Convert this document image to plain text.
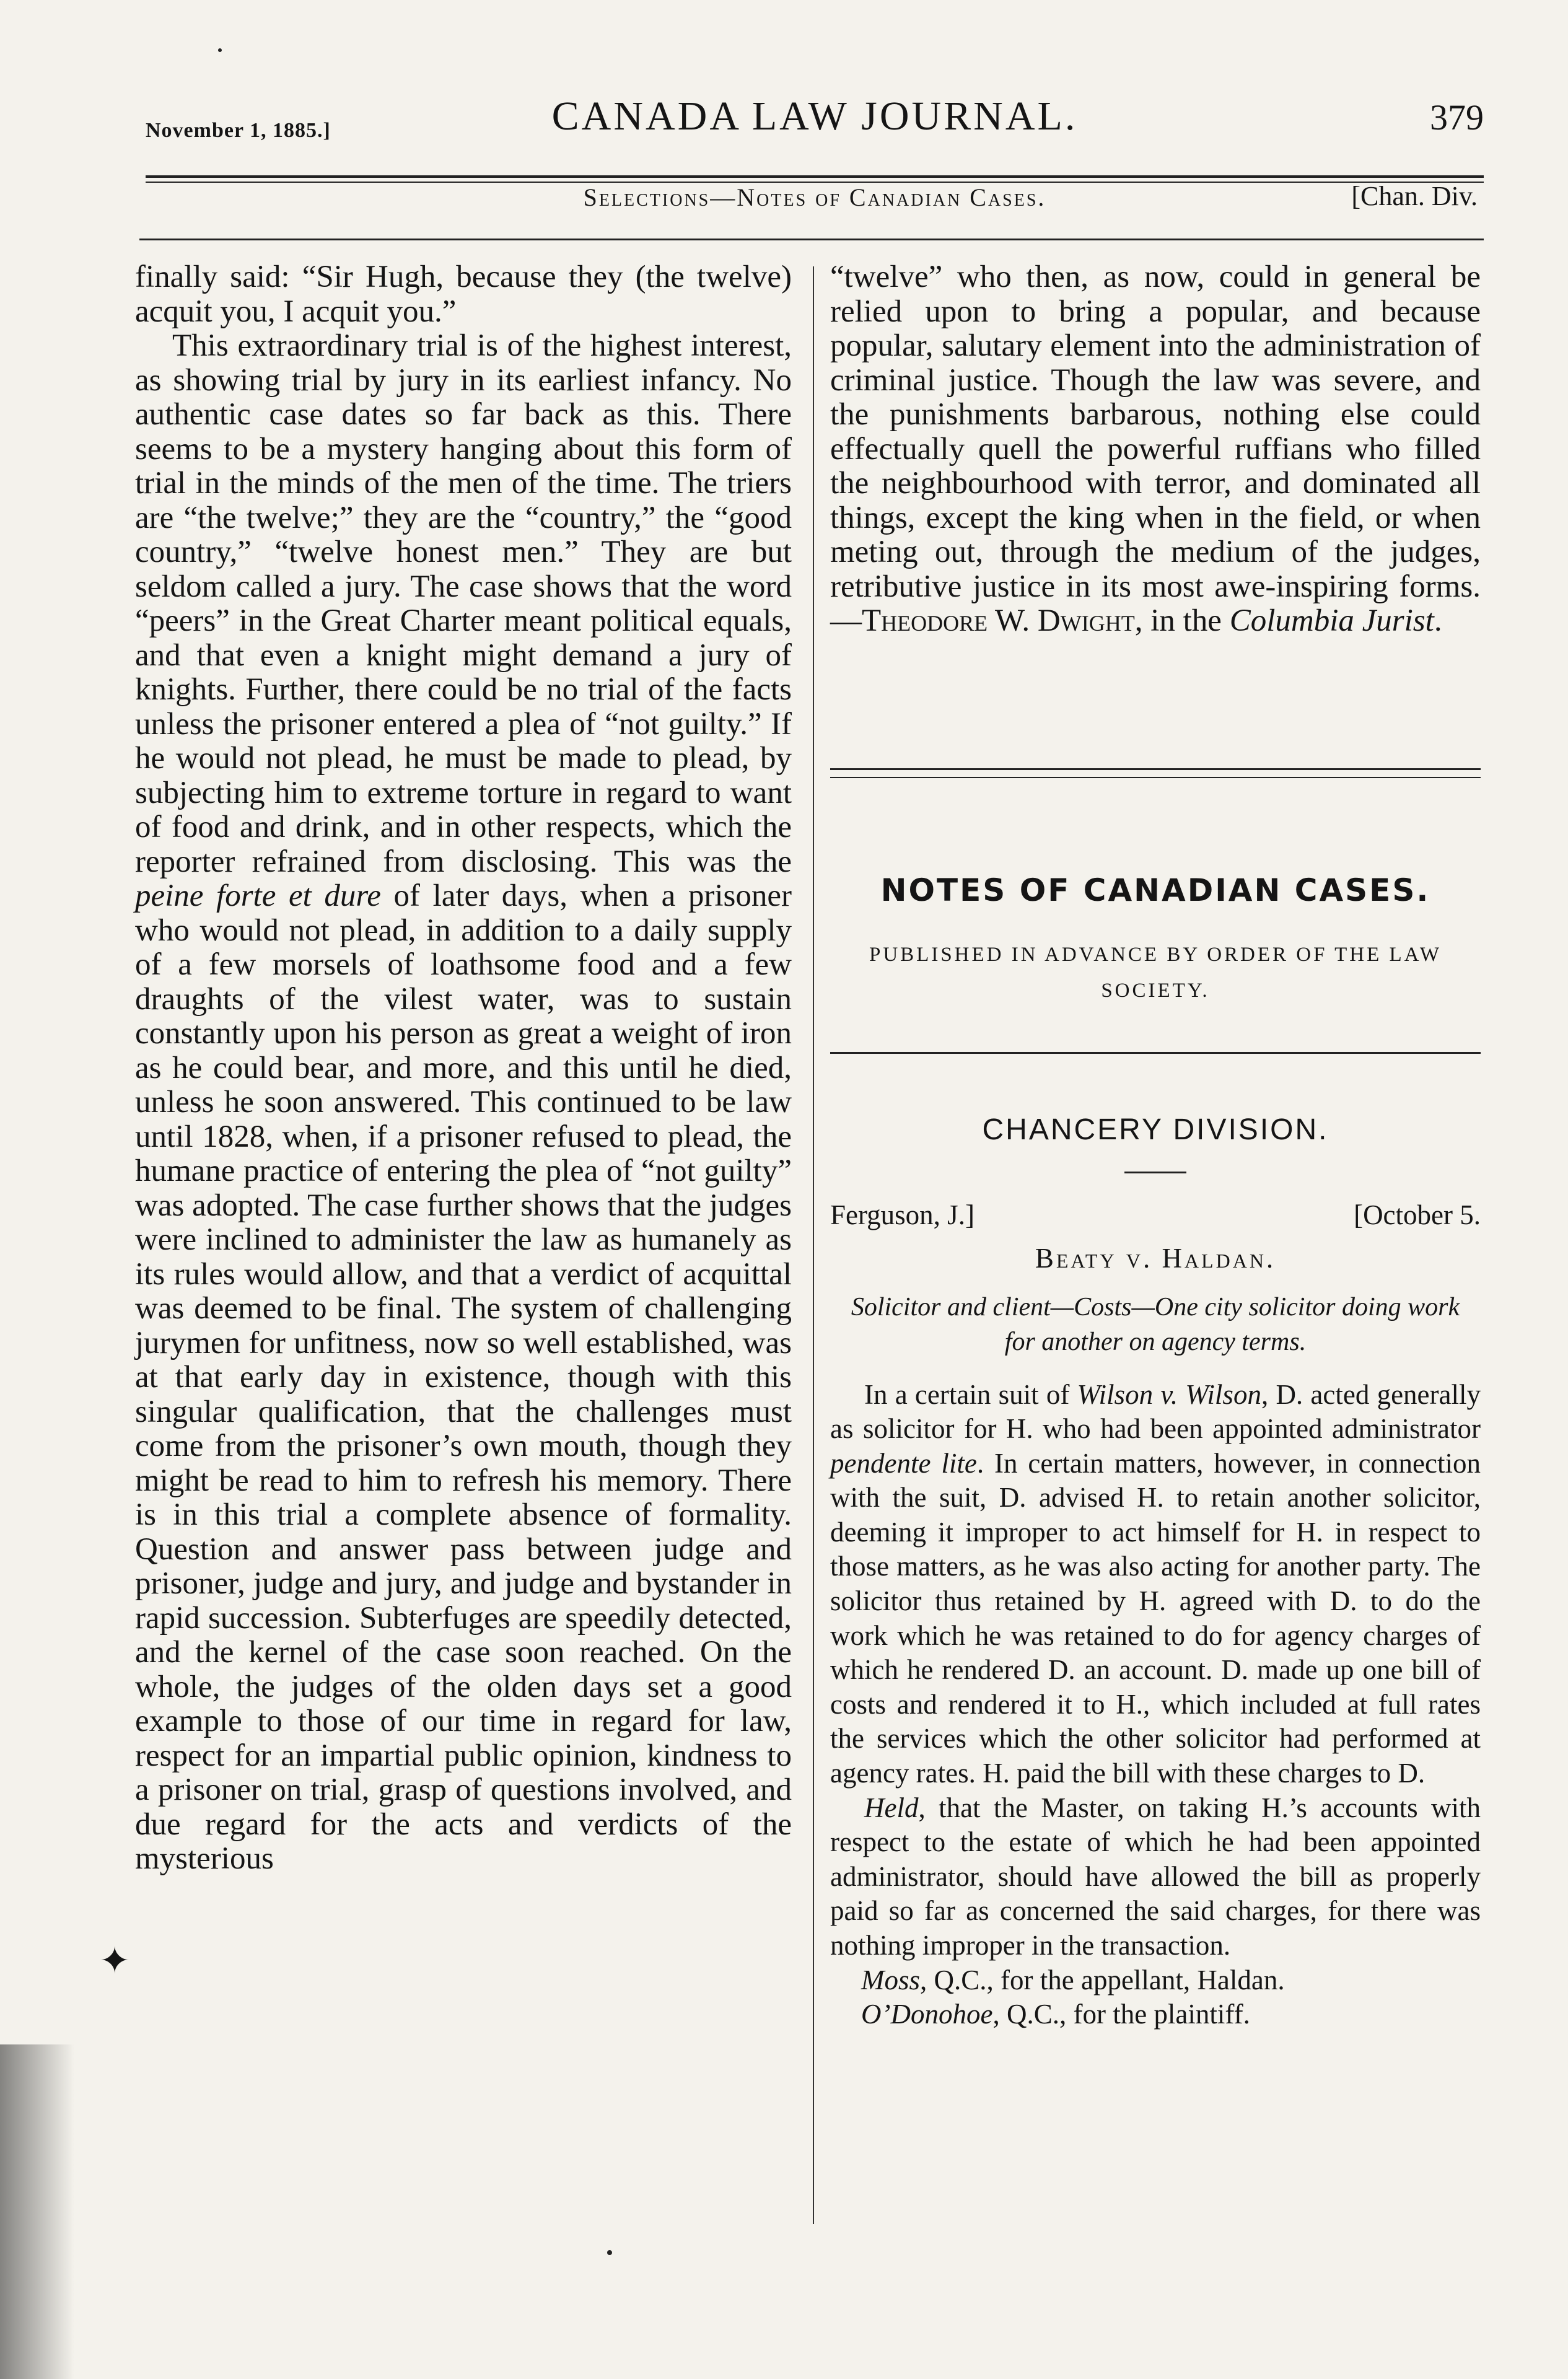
November 1, 1885.]	CANADA LAW JOURNAL.	379
Selections—Notes of Canadian Cases.	[Chan. Div.

finally said: “Sir Hugh, because they (the twelve) acquit you, I acquit you.”

This extraordinary trial is of the highest interest, as showing trial by jury in its earliest infancy. No authentic case dates so far back as this. There seems to be a mystery hanging about this form of trial in the minds of the men of the time. The triers are “the twelve;” they are the “country,” the “good country,” “twelve honest men.” They are but seldom called a jury. The case shows that the word “peers” in the Great Charter meant political equals, and that even a knight might demand a jury of knights. Further, there could be no trial of the facts unless the prisoner entered a plea of “not guilty.” If he would not plead, he must be made to plead, by subjecting him to extreme torture in regard to want of food and drink, and in other respects, which the reporter refrained from disclosing. This was the peine forte et dure of later days, when a prisoner who would not plead, in addition to a daily supply of a few morsels of loathsome food and a few draughts of the vilest water, was to sustain constantly upon his person as great a weight of iron as he could bear, and more, and this until he died, unless he soon answered. This continued to be law until 1828, when, if a prisoner refused to plead, the humane practice of entering the plea of “not guilty” was adopted. The case further shows that the judges were inclined to administer the law as humanely as its rules would allow, and that a verdict of acquittal was deemed to be final. The system of challenging jurymen for unfitness, now so well established, was at that early day in existence, though with this singular qualification, that the challenges must come from the prisoner’s own mouth, though they might be read to him to refresh his memory. There is in this trial a complete absence of formality. Question and answer pass between judge and prisoner, judge and jury, and judge and bystander in rapid succession. Subterfuges are speedily detected, and the kernel of the case soon reached. On the whole, the judges of the olden days set a good example to those of our time in regard for law, respect for an impartial public opinion, kindness to a prisoner on trial, grasp of questions involved, and due regard for the acts and verdicts of the mysterious

“twelve” who then, as now, could in general be relied upon to bring a popular, and because popular, salutary element into the administration of criminal justice. Though the law was severe, and the punishments barbarous, nothing else could effectually quell the powerful ruffians who filled the neighbourhood with terror, and dominated all things, except the king when in the field, or when meting out, through the medium of the judges, retributive justice in its most awe-inspiring forms.—Theodore W. Dwight, in the Columbia Jurist.

NOTES OF CANADIAN CASES.
PUBLISHED IN ADVANCE BY ORDER OF THE LAW SOCIETY.
CHANCERY DIVISION.
Ferguson, J.]	[October 5.
Beaty v. Haldan.
Solicitor and client—Costs—One city solicitor doing work for another on agency terms.

In a certain suit of Wilson v. Wilson, D. acted generally as solicitor for H. who had been appointed administrator pendente lite. In certain matters, however, in connection with the suit, D. advised H. to retain another solicitor, deeming it improper to act himself for H. in respect to those matters, as he was also acting for another party. The solicitor thus retained by H. agreed with D. to do the work which he was retained to do for agency charges of which he rendered D. an account. D. made up one bill of costs and rendered it to H., which included at full rates the services which the other solicitor had performed at agency rates. H. paid the bill with these charges to D.

Held, that the Master, on taking H.’s accounts with respect to the estate of which he had been appointed administrator, should have allowed the bill as properly paid so far as concerned the said charges, for there was nothing improper in the transaction.

Moss, Q.C., for the appellant, Haldan.

O’Donohoe, Q.C., for the plaintiff.

✦
